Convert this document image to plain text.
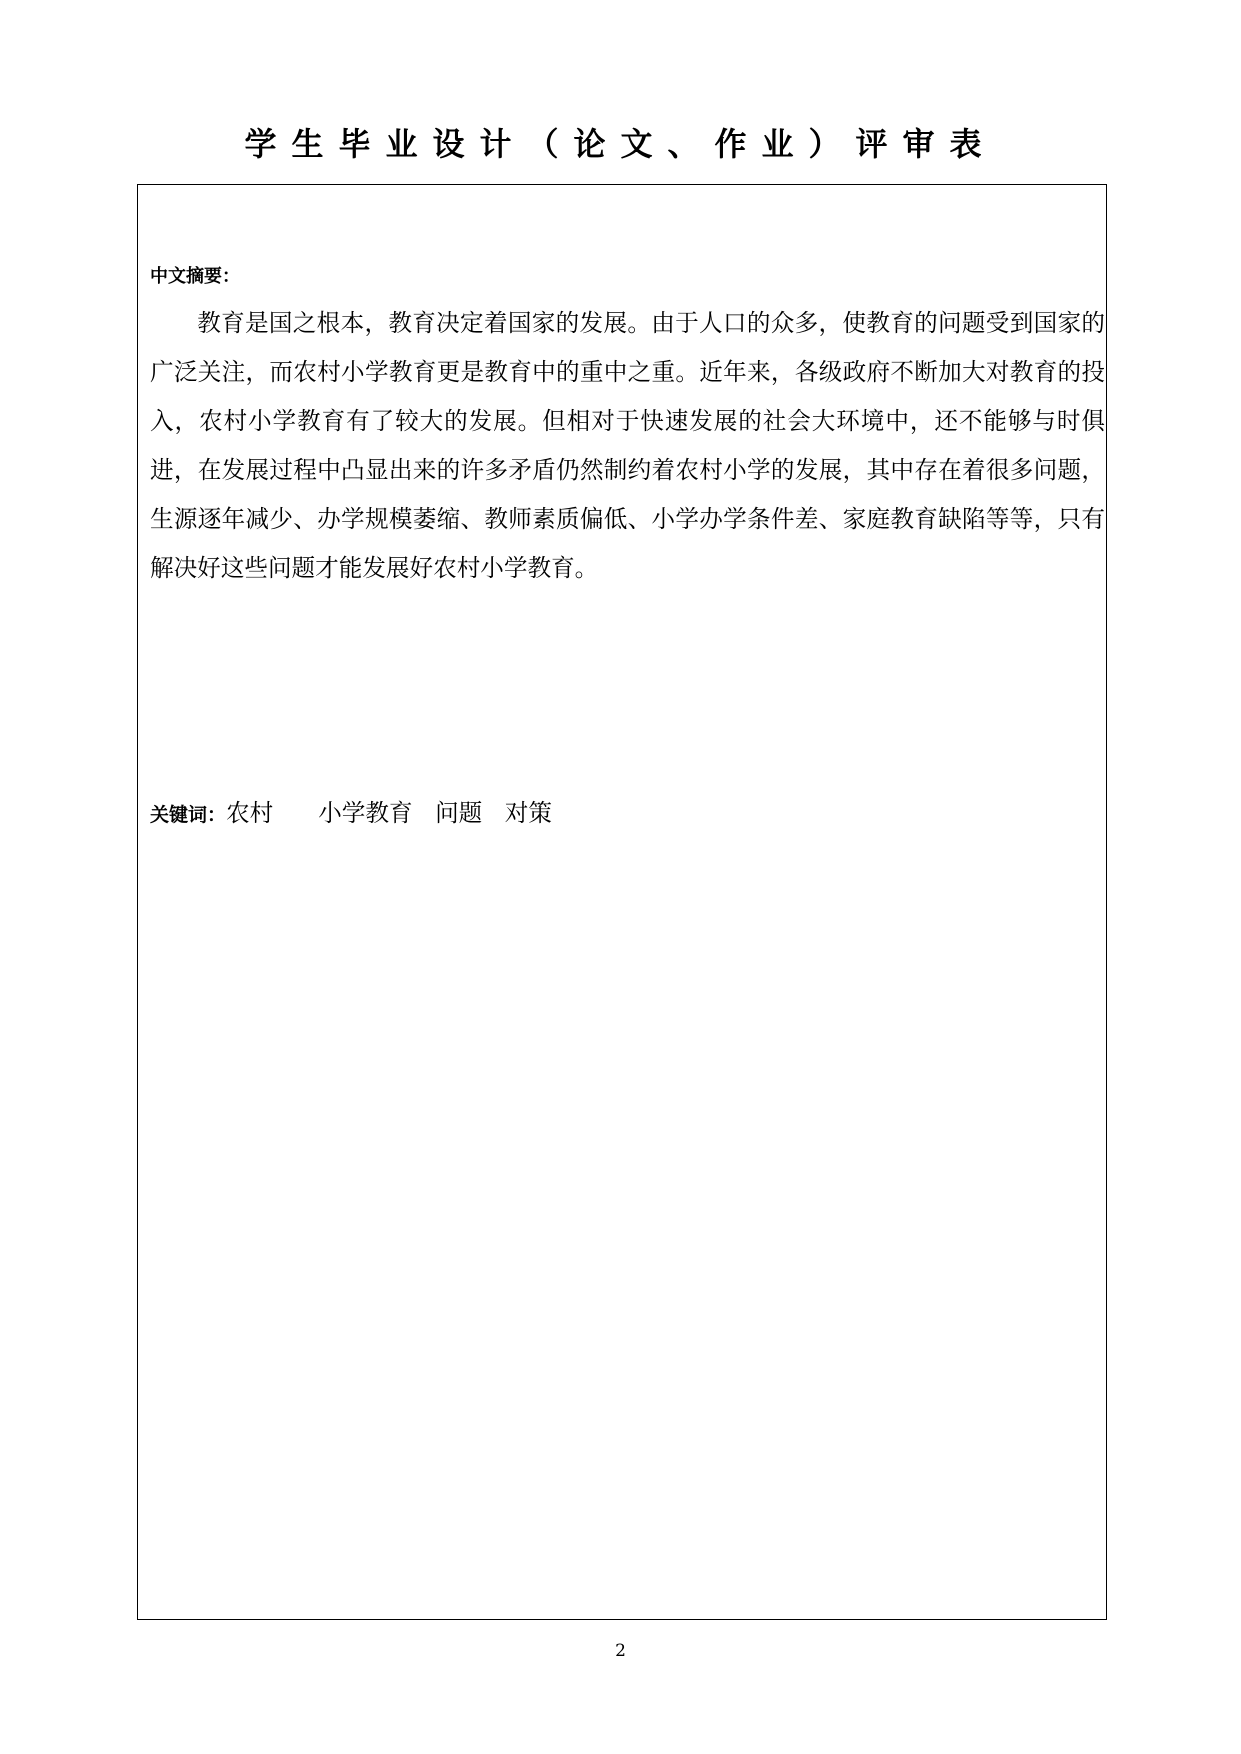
学生毕业设计（论文、作业）评审表
中文摘要：

教育是国之根本，教育决定着国家的发展。由于人口的众多，使教育的问题受到国家的广泛关注，而农村小学教育更是教育中的重中之重。近年来，各级政府不断加大对教育的投入，农村小学教育有了较大的发展。但相对于快速发展的社会大环境中，还不能够与时俱进，在发展过程中凸显出来的许多矛盾仍然制约着农村小学的发展，其中存在着很多问题，生源逐年减少、办学规模萎缩、教师素质偏低、小学办学条件差、家庭教育缺陷等等，只有解决好这些问题才能发展好农村小学教育。

关键词：农村 小学教育 问题 对策
2
